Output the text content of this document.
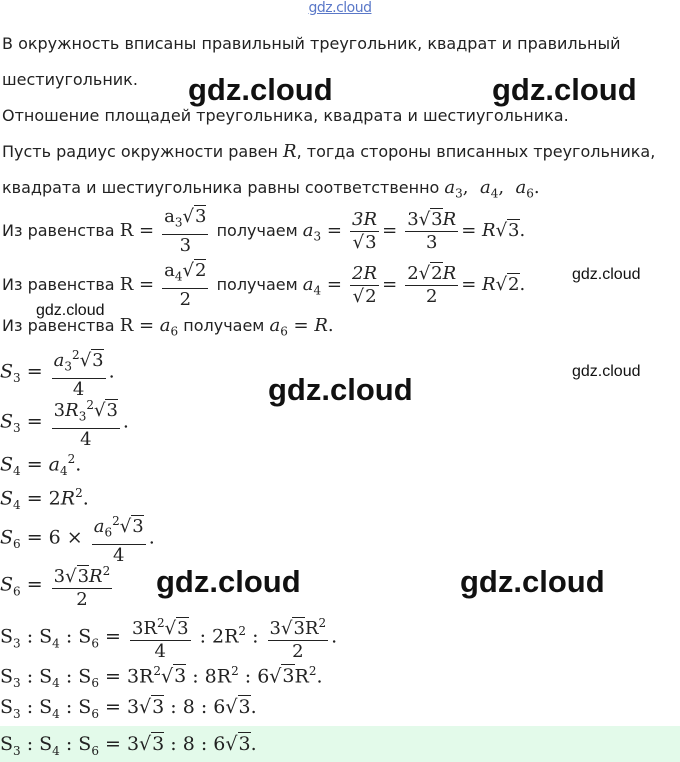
gdz.cloud
gdz.cloud	gdz.cloud
gdz.cloud
gdz.cloud
gdz.cloud
gdz.cloud
gdz.cloud	gdz.cloud
В окружность вписаны правильный треугольник, квадрат и правильный
шестиугольник.
Отношение площадей треугольника, квадрата и шестиугольника.
Пусть радиус окружности равен R, тогда стороны вписанных треугольника,
квадрата и шестиугольника равны соответственно $a_3$,  $a_4$,  $a_6$.
Из равенства $R = \frac{a_3√3}{3}$ получаем $a_3 = \frac{3R}{√3} = \frac{3√3R}{3} = R√3$.
Из равенства $R = \frac{a_4√2}{2}$ получаем $a_4 = \frac{2R}{√2} = \frac{2√2R}{2} = R√2$.
Из равенства $R = a_6$ получаем $a_6 = R$.
$S_3 = \frac{a_3^2√3}{4}$ .
$S_3 = \frac{3R_3^2√3}{4}$ .
$S_4 = a_4^2$.
$S_4 = 2R^2$.
$S_6 = 6 \times \frac{a_6^2√3}{4}$ .
$S_6 = \frac{3√3R^2}{2}$
$S_3$ : $S_4$ : $S_6 = \frac{3R^2√3}{4}$ : $2R^2$ : $\frac{3√3R^2}{2}$ .
$S_3$ : $S_4$ : $S_6 = 3R^2√3$ : $8R^2$ : $6√3R^2$.
$S_3$ : $S_4$ : $S_6 = 3√3$ : 8 : 6√3.
$S_3$ : $S_4$ : $S_6 = 3√3$ : 8 : 6√3.
